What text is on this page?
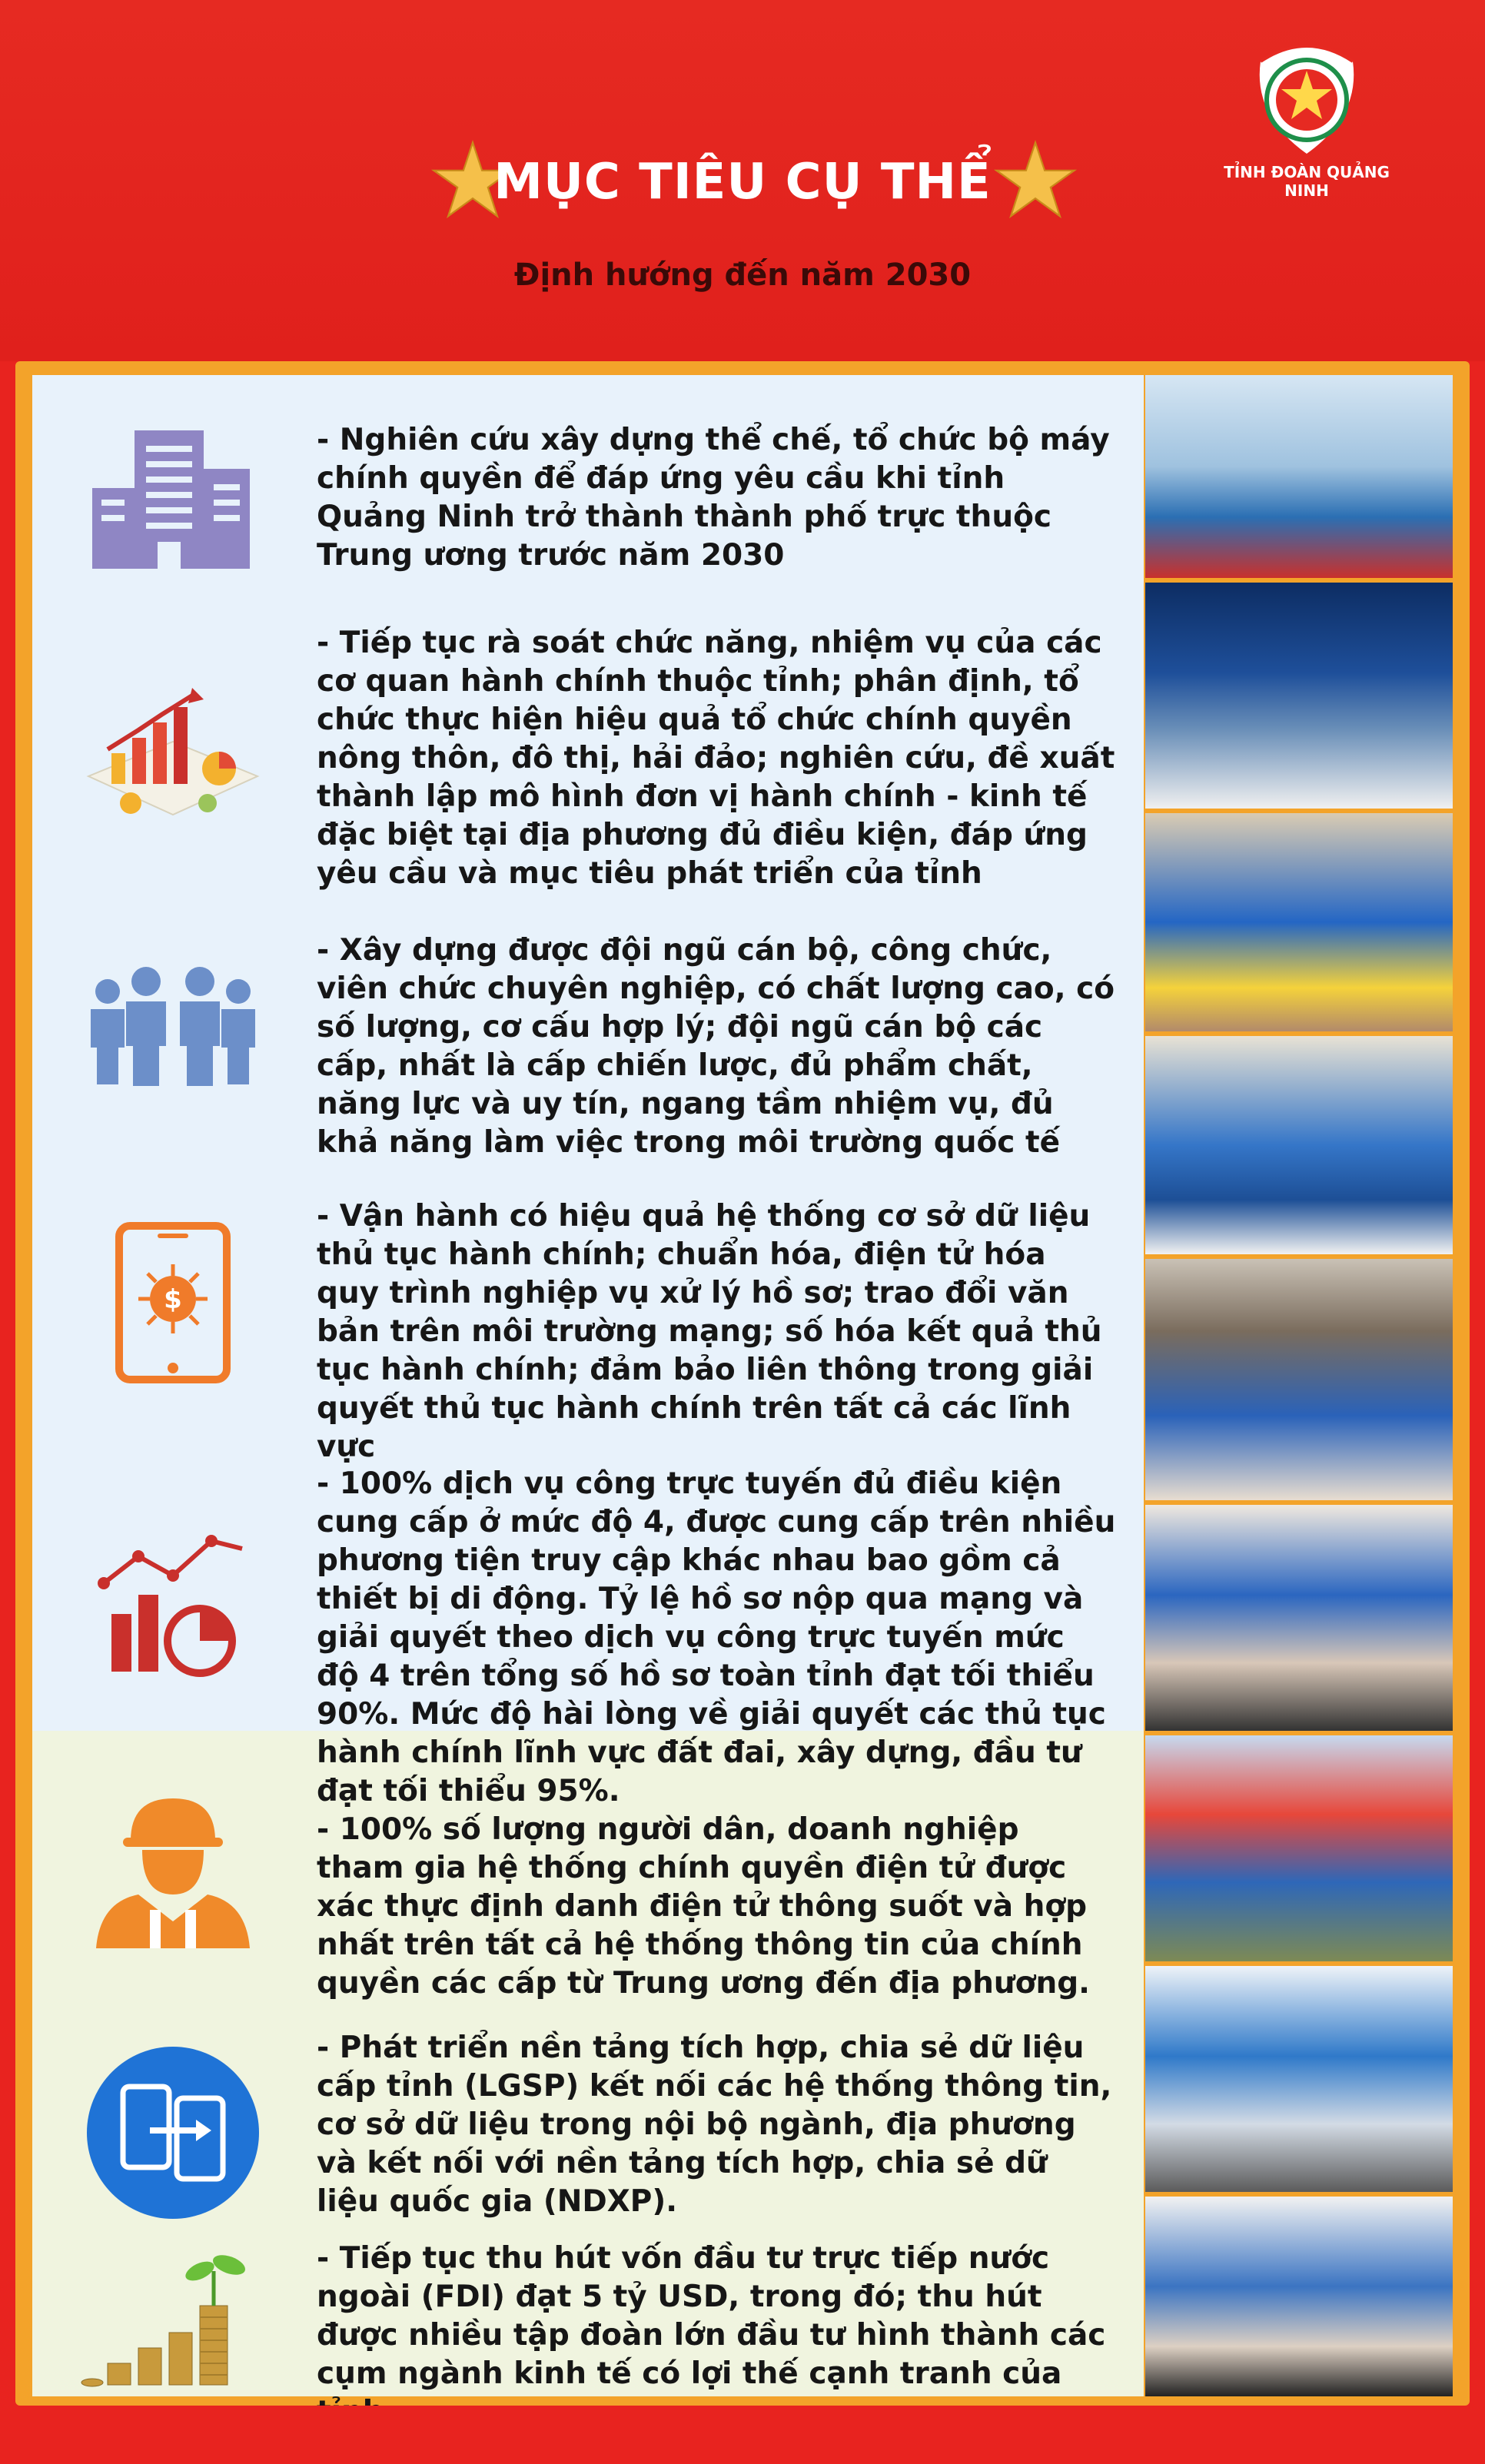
MỤC TIÊU CỤ THỂ
Định hướng đến năm 2030
TỈNH ĐOÀN QUẢNG NINH

- Nghiên cứu xây dựng thể chế, tổ chức bộ máy chính quyền để đáp ứng yêu cầu khi tỉnh Quảng Ninh trở thành thành phố trực thuộc Trung ương trước năm 2030

- Tiếp tục rà soát chức năng, nhiệm vụ của các cơ quan hành chính thuộc tỉnh; phân định, tổ chức thực hiện hiệu quả tổ chức chính quyền nông thôn, đô thị, hải đảo; nghiên cứu, đề xuất thành lập mô hình đơn vị hành chính - kinh tế đặc biệt tại địa phương đủ điều kiện, đáp ứng yêu cầu và mục tiêu phát triển của tỉnh

- Xây dựng được đội ngũ cán bộ, công chức, viên chức chuyên nghiệp, có chất lượng cao, có số lượng, cơ cấu hợp lý; đội ngũ cán bộ các cấp, nhất là cấp chiến lược, đủ phẩm chất, năng lực và uy tín, ngang tầm nhiệm vụ, đủ khả năng làm việc trong môi trường quốc tế

$

- Vận hành có hiệu quả hệ thống cơ sở dữ liệu thủ tục hành chính; chuẩn hóa, điện tử hóa quy trình nghiệp vụ xử lý hồ sơ; trao đổi văn bản trên môi trường mạng; số hóa kết quả thủ tục hành chính; đảm bảo liên thông trong giải quyết thủ tục hành chính trên tất cả các lĩnh vực

- 100% dịch vụ công trực tuyến đủ điều kiện cung cấp ở mức độ 4, được cung cấp trên nhiều phương tiện truy cập khác nhau bao gồm cả thiết bị di động. Tỷ lệ hồ sơ nộp qua mạng và giải quyết theo dịch vụ công trực tuyến mức độ 4 trên tổng số hồ sơ toàn tỉnh đạt tối thiểu 90%. Mức độ hài lòng về giải quyết các thủ tục hành chính lĩnh vực đất đai, xây dựng, đầu tư đạt tối thiểu 95%.

- 100% số lượng người dân, doanh nghiệp tham gia hệ thống chính quyền điện tử được xác thực định danh điện tử thông suốt và hợp nhất trên tất cả hệ thống thông tin của chính quyền các cấp từ Trung ương đến địa phương.

- Phát triển nền tảng tích hợp, chia sẻ dữ liệu cấp tỉnh (LGSP) kết nối các hệ thống thông tin, cơ sở dữ liệu trong nội bộ ngành, địa phương và kết nối với nền tảng tích hợp, chia sẻ dữ liệu quốc gia (NDXP).

- Tiếp tục thu hút vốn đầu tư trực tiếp nước ngoài (FDI) đạt 5 tỷ USD, trong đó; thu hút được nhiều tập đoàn lớn đầu tư hình thành các cụm ngành kinh tế có lợi thế cạnh tranh của
